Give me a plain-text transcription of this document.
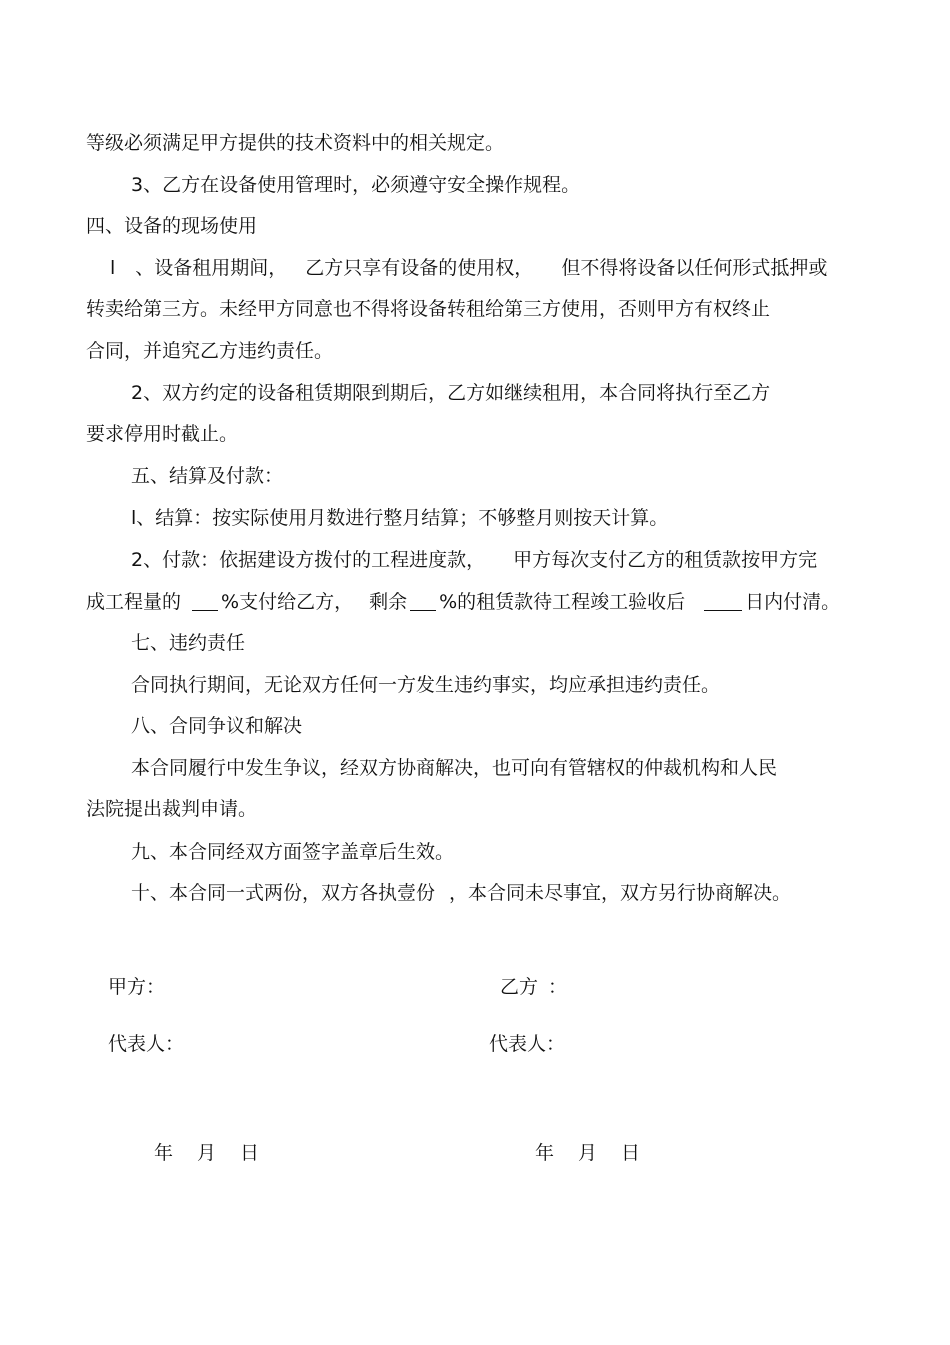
等级必须满足甲方提供的技术资料中的相关规定。

3、乙方在设备使用管理时，必须遵守安全操作规程。

四、设备的现场使用

l 、设备租用期间， 乙方只享有设备的使用权， 但不得将设备以任何形式抵押或

转卖给第三方。未经甲方同意也不得将设备转租给第三方使用，否则甲方有权终止

合同，并追究乙方违约责任。

2、双方约定的设备租赁期限到期后，乙方如继续租用，本合同将执行至乙方

要求停用时截止。

五、结算及付款：

l、结算：按实际使用月数进行整月结算；不够整月则按天计算。

2、付款：依据建设方拨付的工程进度款， 甲方每次支付乙方的租赁款按甲方完

成工程量的 %支付给乙方， 剩余 %的租赁款待工程竣工验收后	日内付清。

七、违约责任

合同执行期间，无论双方任何一方发生违约事实，均应承担违约责任。

八、合同争议和解决

本合同履行中发生争议，经双方协商解决，也可向有管辖权的仲裁机构和人民

法院提出裁判申请。

九、本合同经双方面签字盖章后生效。

十、本合同一式两份，双方各执壹份 ，本合同未尽事宜，双方另行协商解决。

甲方：	乙方 ：

代表人：	代表人：

年 月 日	年 月 日
